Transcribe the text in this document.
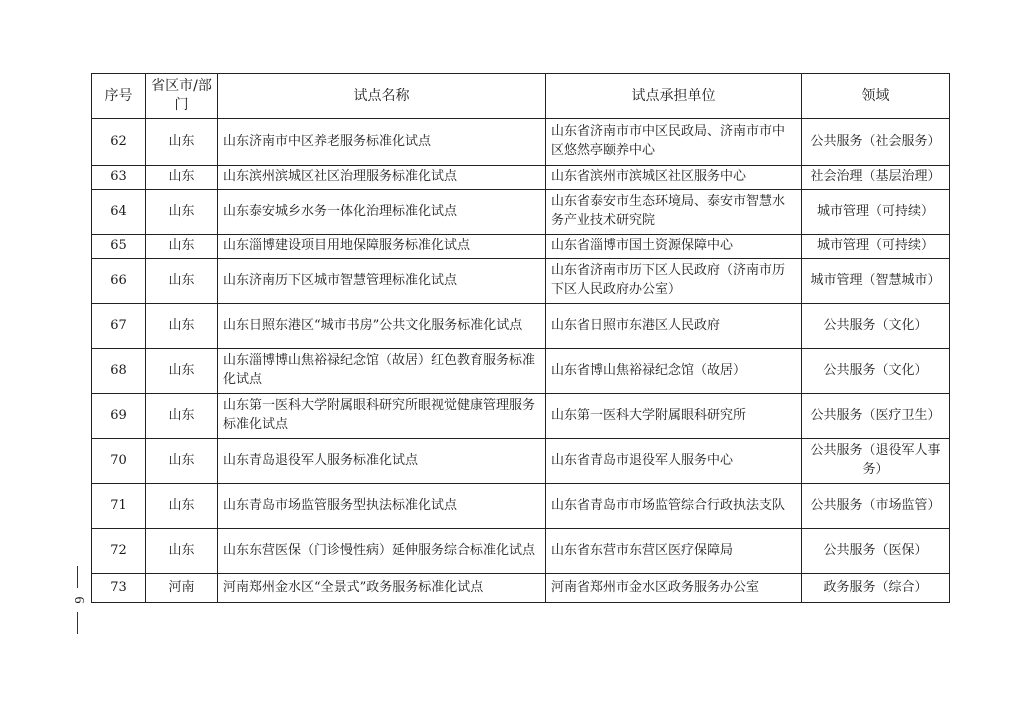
序号	省区市/部门	试点名称	试点承担单位	领域
62	山东	山东济南市中区养老服务标准化试点	山东省济南市市中区民政局、济南市市中区悠然亭颐养中心	公共服务（社会服务）
63	山东	山东滨州滨城区社区治理服务标准化试点	山东省滨州市滨城区社区服务中心	社会治理（基层治理）
64	山东	山东泰安城乡水务一体化治理标准化试点	山东省泰安市生态环境局、泰安市智慧水务产业技术研究院	城市管理（可持续）
65	山东	山东淄博建设项目用地保障服务标准化试点	山东省淄博市国土资源保障中心	城市管理（可持续）
66	山东	山东济南历下区城市智慧管理标准化试点	山东省济南市历下区人民政府（济南市历下区人民政府办公室）	城市管理（智慧城市）
67	山东	山东日照东港区“城市书房”公共文化服务标准化试点	山东省日照市东港区人民政府	公共服务（文化）
68	山东	山东淄博博山焦裕禄纪念馆（故居）红色教育服务标准化试点	山东省博山焦裕禄纪念馆（故居）	公共服务（文化）
69	山东	山东第一医科大学附属眼科研究所眼视觉健康管理服务标准化试点	山东第一医科大学附属眼科研究所	公共服务（医疗卫生）
70	山东	山东青岛退役军人服务标准化试点	山东省青岛市退役军人服务中心	公共服务（退役军人事务）
71	山东	山东青岛市场监管服务型执法标准化试点	山东省青岛市市场监管综合行政执法支队	公共服务（市场监管）
72	山东	山东东营医保（门诊慢性病）延伸服务综合标准化试点	山东省东营市东营区医疗保障局	公共服务（医保）
73	河南	河南郑州金水区“全景式”政务服务标准化试点	河南省郑州市金水区政务服务办公室	政务服务（综合）
6
